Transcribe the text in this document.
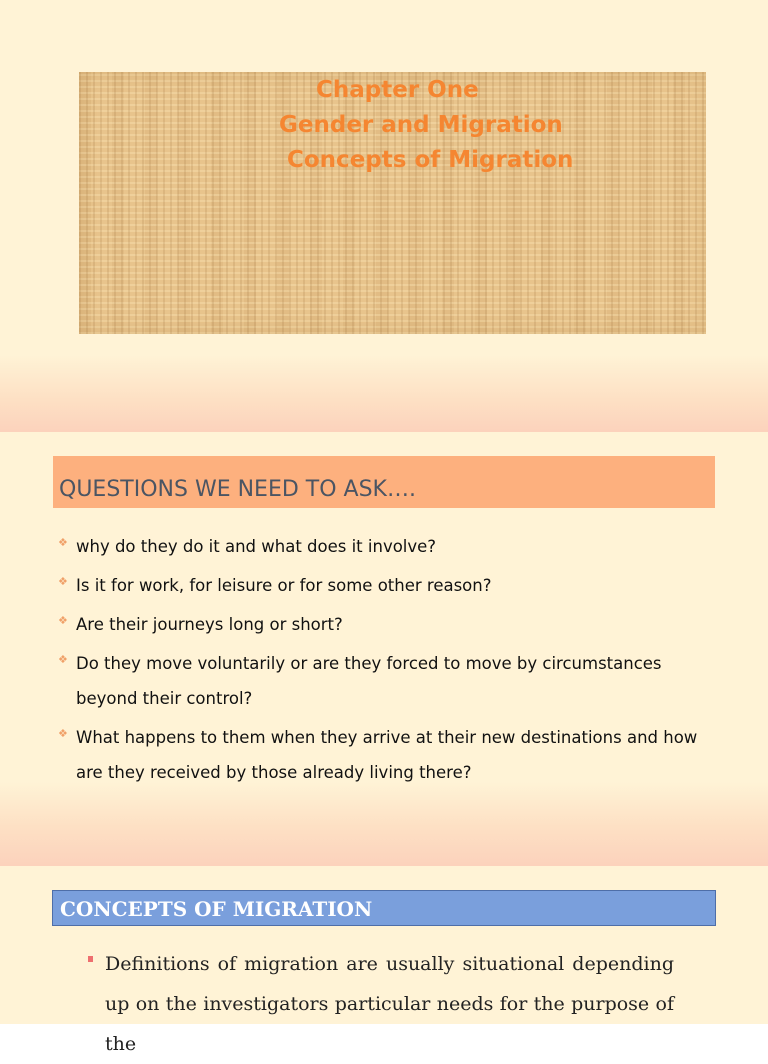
Chapter One

Gender and Migration

Concepts of Migration

QUESTIONS WE NEED TO ASK….
❖ why do they do it and what does it involve?
❖ Is it for work, for leisure or for some other reason?
❖ Are their journeys long or short?
❖ Do they move voluntarily or are they forced to move by circumstances beyond their control?
❖ What happens to them when they arrive at their new destinations and how are they received by those already living there?
CONCEPTS OF MIGRATION

Definitions of migration are usually situational depending up on the investigators particular needs for the purpose of the
